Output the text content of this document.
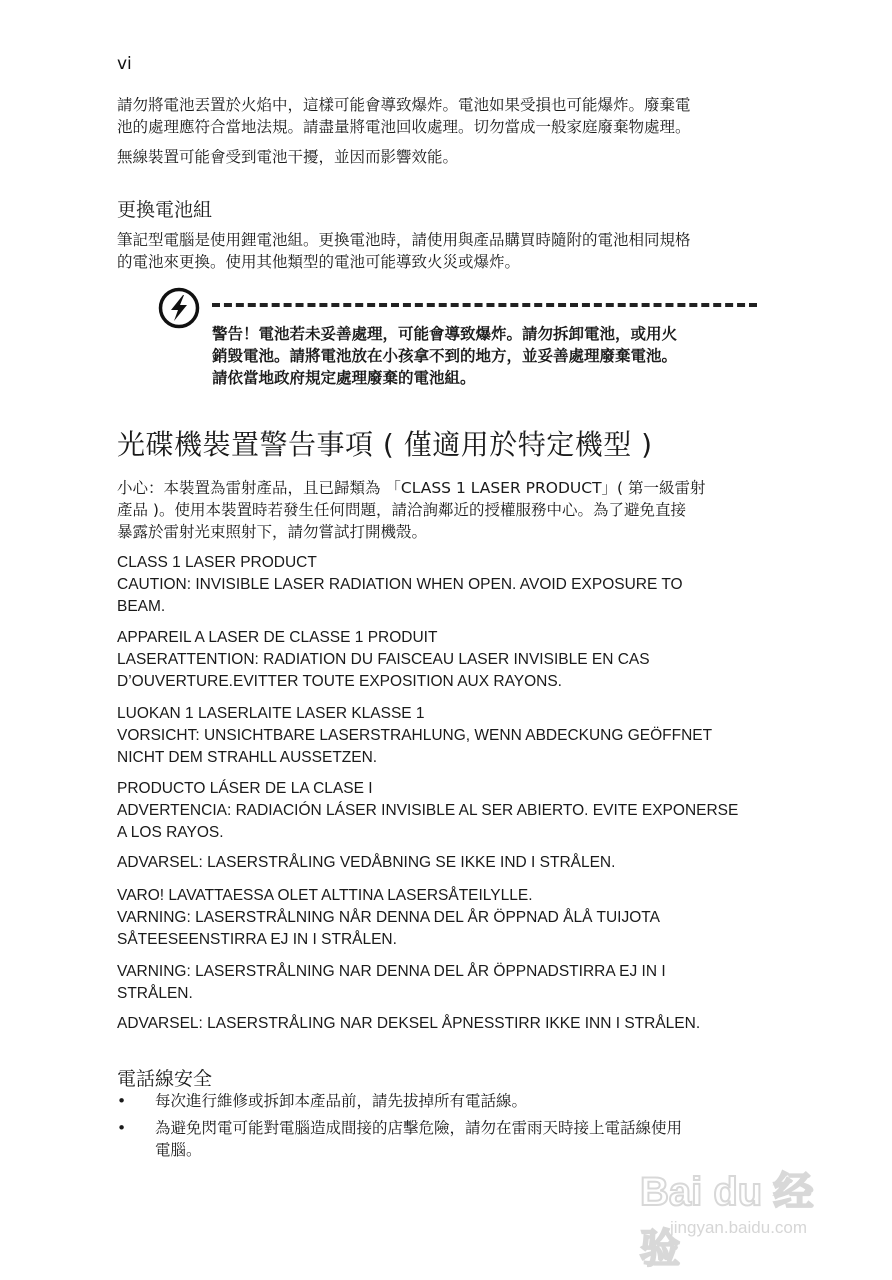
vi

請勿將電池丟置於火焰中，這樣可能會導致爆炸。電池如果受損也可能爆炸。廢棄電

池的處理應符合當地法規。請盡量將電池回收處理。切勿當成一般家庭廢棄物處理。

無線裝置可能會受到電池干擾，並因而影響效能。

更換電池組

筆記型電腦是使用鋰電池組。更換電池時，請使用與產品購買時隨附的電池相同規格

的電池來更換。使用其他類型的電池可能導致火災或爆炸。

警告！電池若未妥善處理，可能會導致爆炸。請勿拆卸電池，或用火

銷毀電池。請將電池放在小孩拿不到的地方，並妥善處理廢棄電池。

請依當地政府規定處理廢棄的電池組。

光碟機裝置警告事項 ( 僅適用於特定機型 )

小心：本裝置為雷射產品，且已歸類為 「CLASS 1 LASER PRODUCT」( 第一級雷射

產品 )。使用本裝置時若發生任何問題，請洽詢鄰近的授權服務中心。為了避免直接

暴露於雷射光束照射下，請勿嘗試打開機殼。

CLASS 1 LASER PRODUCT

CAUTION: INVISIBLE LASER RADIATION WHEN OPEN. AVOID EXPOSURE TO

BEAM.

APPAREIL A LASER DE CLASSE 1 PRODUIT

LASERATTENTION: RADIATION DU FAISCEAU LASER INVISIBLE EN CAS

D’OUVERTURE.EVITTER TOUTE EXPOSITION AUX RAYONS.

LUOKAN 1 LASERLAITE LASER KLASSE 1

VORSICHT: UNSICHTBARE LASERSTRAHLUNG, WENN ABDECKUNG GEÖFFNET

NICHT DEM STRAHLL AUSSETZEN.

PRODUCTO LÁSER DE LA CLASE I

ADVERTENCIA: RADIACIÓN LÁSER INVISIBLE AL SER ABIERTO. EVITE EXPONERSE

A LOS RAYOS.

ADVARSEL: LASERSTRÅLING VEDÅBNING SE IKKE IND I STRÅLEN.

VARO! LAVATTAESSA OLET ALTTINA LASERSÅTEILYLLE.

VARNING: LASERSTRÅLNING NÅR DENNA DEL ÅR ÖPPNAD ÅLÅ TUIJOTA

SÅTEESEENSTIRRA EJ IN I STRÅLEN.

VARNING: LASERSTRÅLNING NAR DENNA DEL ÅR ÖPPNADSTIRRA EJ IN I

STRÅLEN.

ADVARSEL: LASERSTRÅLING NAR DEKSEL ÅPNESSTIRR IKKE INN I STRÅLEN.

電話線安全
• 每次進行維修或拆卸本產品前，請先拔掉所有電話線。
• 為避免閃電可能對電腦造成間接的店擊危險，請勿在雷雨天時接上電話線使用
電腦。
Bai du 经验
jingyan.baidu.com
